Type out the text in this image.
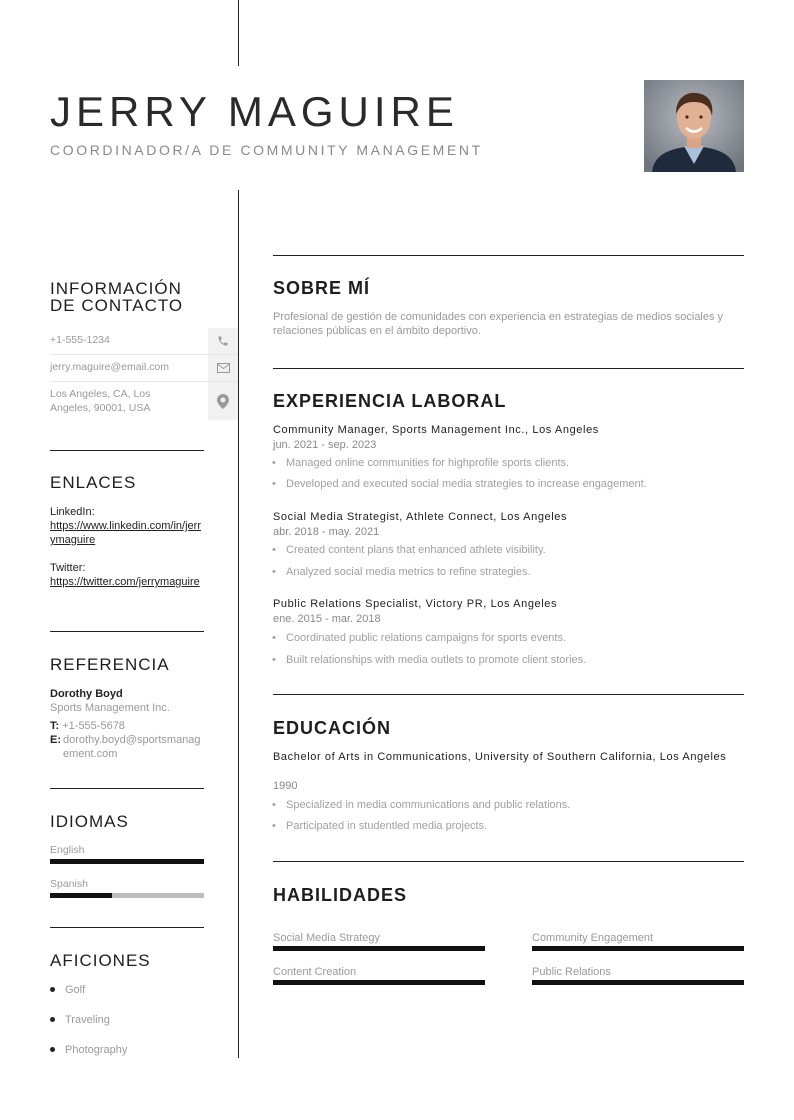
JERRY MAGUIRE
COORDINADOR/A DE COMMUNITY MANAGEMENT
INFORMACIÓN
DE CONTACTO
+1-555-1234
jerry.maguire@email.com
Los Angeles, CA, Los Angeles, 90001, USA
ENLACES
LinkedIn:
https://www.linkedin.com/in/jerrymaguire
Twitter:
https://twitter.com/jerrymaguire
REFERENCIA
Dorothy Boyd
Sports Management Inc.
T: +1-555-5678
E: dorothy.boyd@sportsmanagement.com
IDIOMAS
English
Spanish
AFICIONES
Golf
Traveling
Photography
SOBRE MÍ
Profesional de gestión de comunidades con experiencia en estrategias de medios sociales y relaciones públicas en el ámbito deportivo.
EXPERIENCIA LABORAL
Community Manager, Sports Management Inc., Los Angeles
jun. 2021 - sep. 2023
• Managed online communities for highprofile sports clients.
• Developed and executed social media strategies to increase engagement.
Social Media Strategist, Athlete Connect, Los Angeles
abr. 2018 - may. 2021
• Created content plans that enhanced athlete visibility.
• Analyzed social media metrics to refine strategies.
Public Relations Specialist, Victory PR, Los Angeles
ene. 2015 - mar. 2018
• Coordinated public relations campaigns for sports events.
• Built relationships with media outlets to promote client stories.
EDUCACIÓN
Bachelor of Arts in Communications, University of Southern California, Los Angeles
1990
• Specialized in media communications and public relations.
• Participated in studentled media projects.
HABILIDADES
Social Media Strategy	Community Engagement
Content Creation	Public Relations
